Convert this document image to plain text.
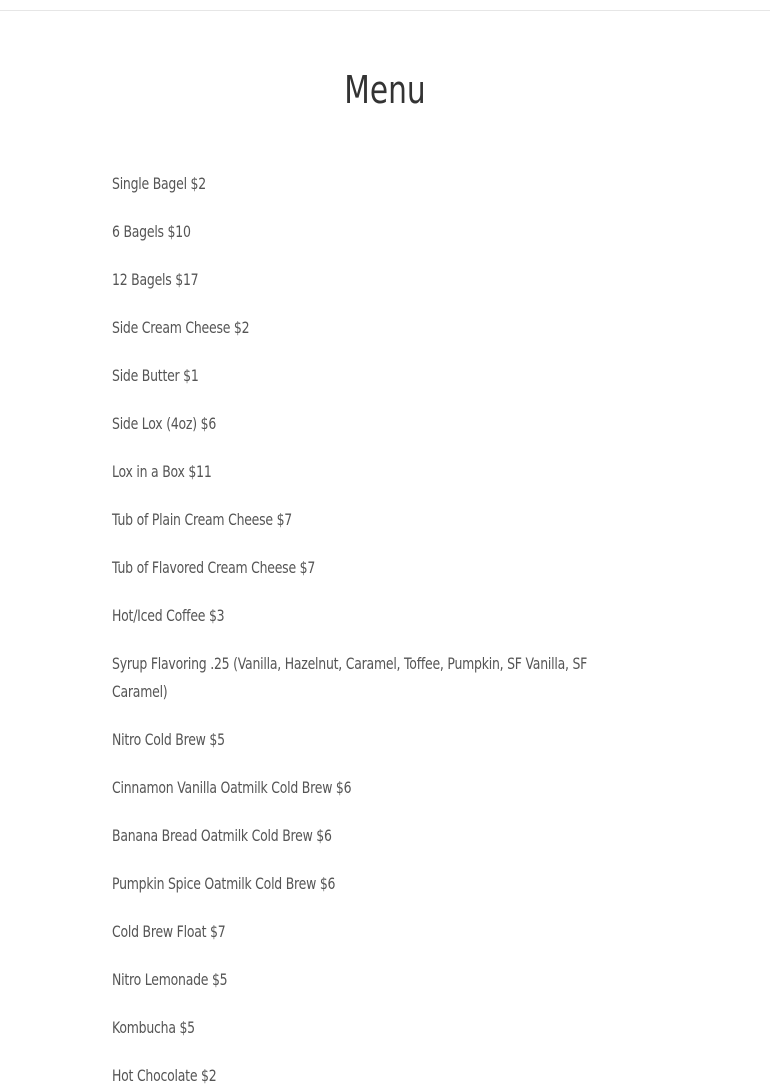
Menu
Single Bagel $2
6 Bagels $10
12 Bagels $17
Side Cream Cheese $2
Side Butter $1
Side Lox (4oz) $6
Lox in a Box $11
Tub of Plain Cream Cheese $7
Tub of Flavored Cream Cheese $7
Hot/Iced Coffee $3
Syrup Flavoring .25 (Vanilla, Hazelnut, Caramel, Toffee, Pumpkin, SF Vanilla, SF Caramel)
Nitro Cold Brew $5
Cinnamon Vanilla Oatmilk Cold Brew $6
Banana Bread Oatmilk Cold Brew $6
Pumpkin Spice Oatmilk Cold Brew $6
Cold Brew Float $7
Nitro Lemonade $5
Kombucha $5
Hot Chocolate $2
